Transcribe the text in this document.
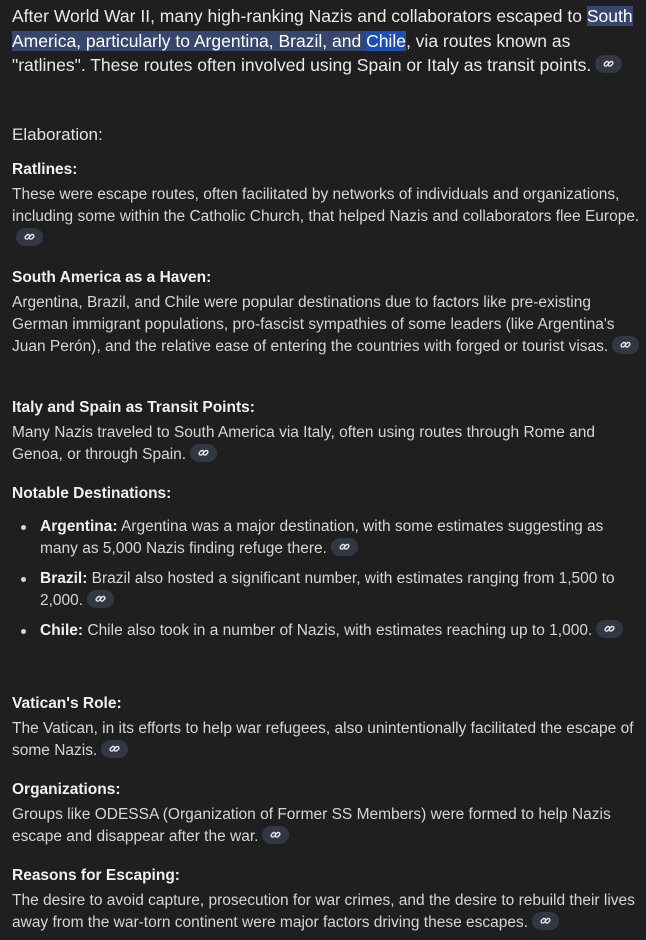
After World War II, many high-ranking Nazis and collaborators escaped to South America, particularly to Argentina, Brazil, and Chile, via routes known as "ratlines". These routes often involved using Spain or Italy as transit points.

Elaboration:
Ratlines:

These were escape routes, often facilitated by networks of individuals and organizations, including some within the Catholic Church, that helped Nazis and collaborators flee Europe.

South America as a Haven:

Argentina, Brazil, and Chile were popular destinations due to factors like pre-existing German immigrant populations, pro-fascist sympathies of some leaders (like Argentina's Juan Perón), and the relative ease of entering the countries with forged or tourist visas.

Italy and Spain as Transit Points:

Many Nazis traveled to South America via Italy, often using routes through Rome and Genoa, or through Spain.

Notable Destinations:
Argentina: Argentina was a major destination, with some estimates suggesting as many as 5,000 Nazis finding refuge there.
Brazil: Brazil also hosted a significant number, with estimates ranging from 1,500 to 2,000.
Chile: Chile also took in a number of Nazis, with estimates reaching up to 1,000.
Vatican's Role:

The Vatican, in its efforts to help war refugees, also unintentionally facilitated the escape of some Nazis.

Organizations:

Groups like ODESSA (Organization of Former SS Members) were formed to help Nazis escape and disappear after the war.

Reasons for Escaping:

The desire to avoid capture, prosecution for war crimes, and the desire to rebuild their lives away from the war-torn continent were major factors driving these escapes.
